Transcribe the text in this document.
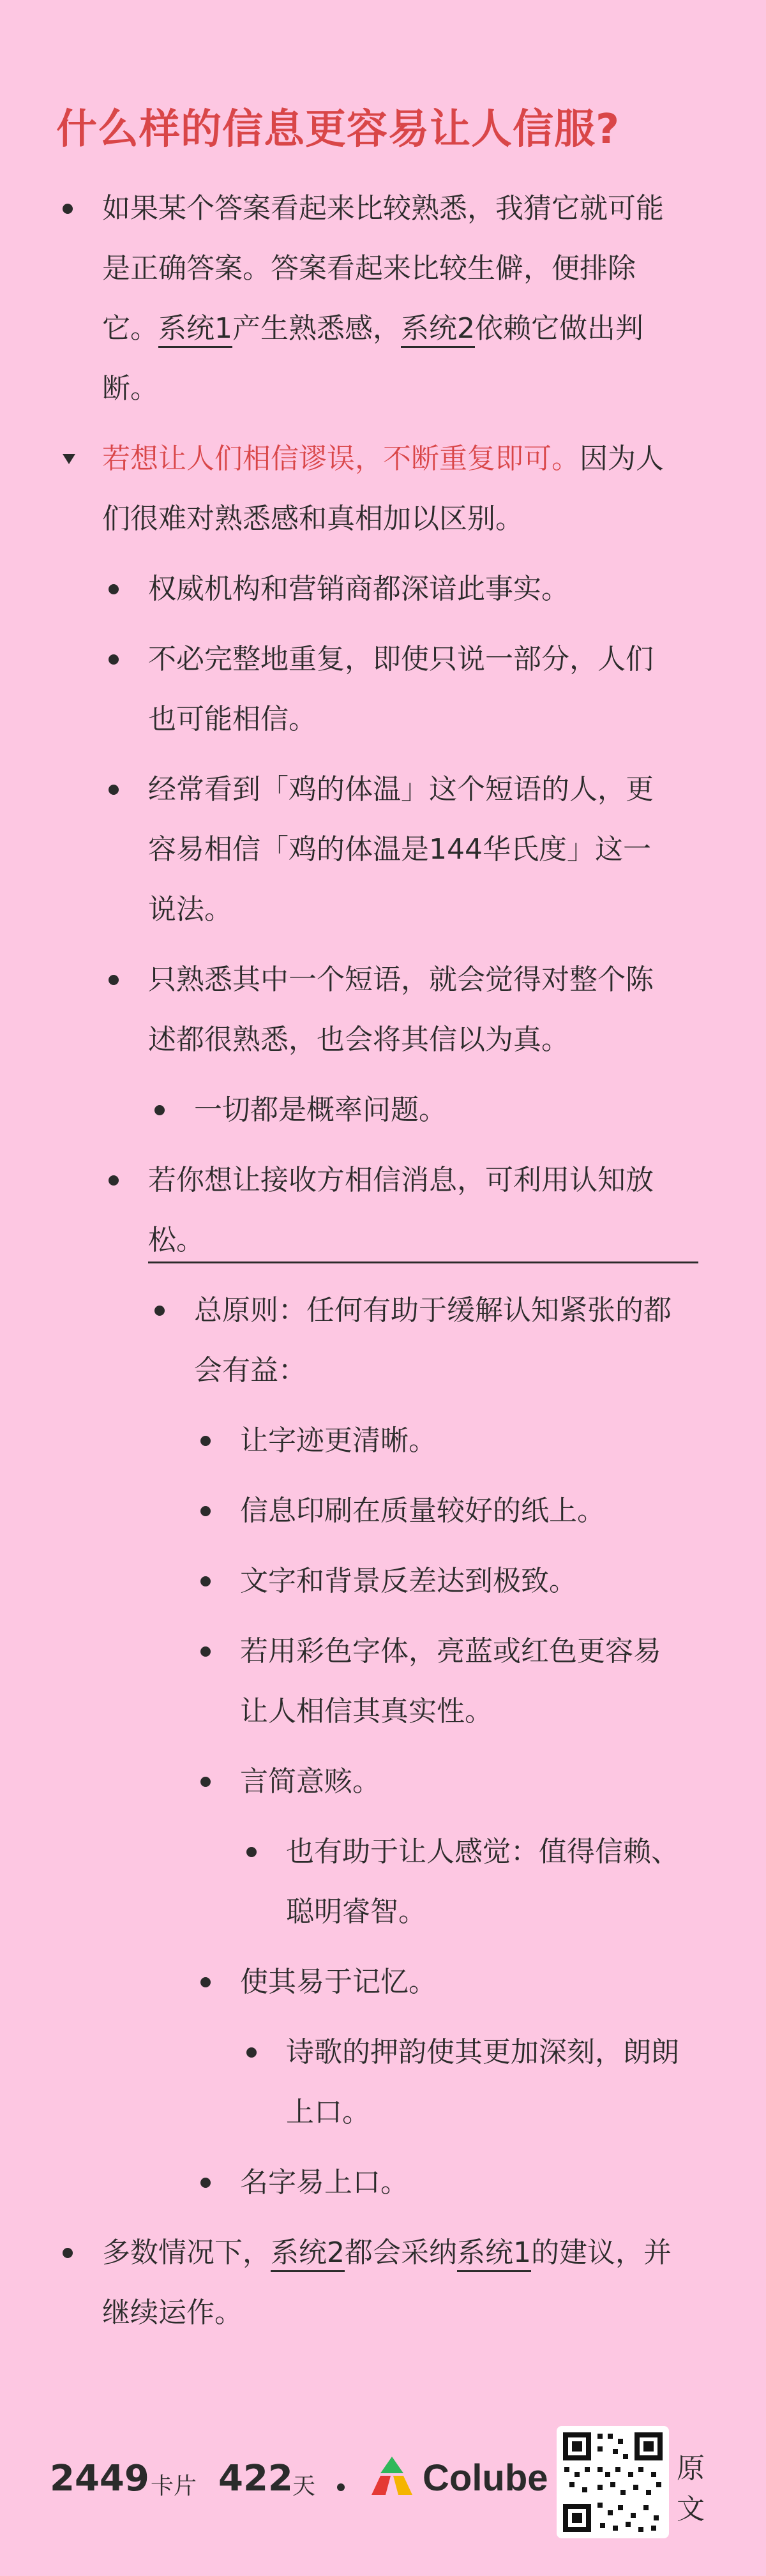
什么样的信息更容易让人信服?
如果某个答案看起来比较熟悉，我猜它就可能
是正确答案。答案看起来比较生僻，便排除
它。系统1产生熟悉感，系统2依赖它做出判
断。
若想让人们相信谬误，不断重复即可。因为人
们很难对熟悉感和真相加以区别。
权威机构和营销商都深谙此事实。
不必完整地重复，即使只说一部分，人们
也可能相信。
经常看到「鸡的体温」这个短语的人，更
容易相信「鸡的体温是144华氏度」这一
说法。
只熟悉其中一个短语，就会觉得对整个陈
述都很熟悉，也会将其信以为真。
一切都是概率问题。
若你想让接收方相信消息，可利用认知放
松。
总原则：任何有助于缓解认知紧张的都
会有益：
让字迹更清晰。
信息印刷在质量较好的纸上。
文字和背景反差达到极致。
若用彩色字体，亮蓝或红色更容易
让人相信其真实性。
言简意赅。
也有助于让人感觉：值得信赖、
聪明睿智。
使其易于记忆。
诗歌的押韵使其更加深刻，朗朗
上口。
名字易上口。
多数情况下，系统2都会采纳系统1的建议，并
继续运作。
2449 卡片 422 天	Colube	原
文
